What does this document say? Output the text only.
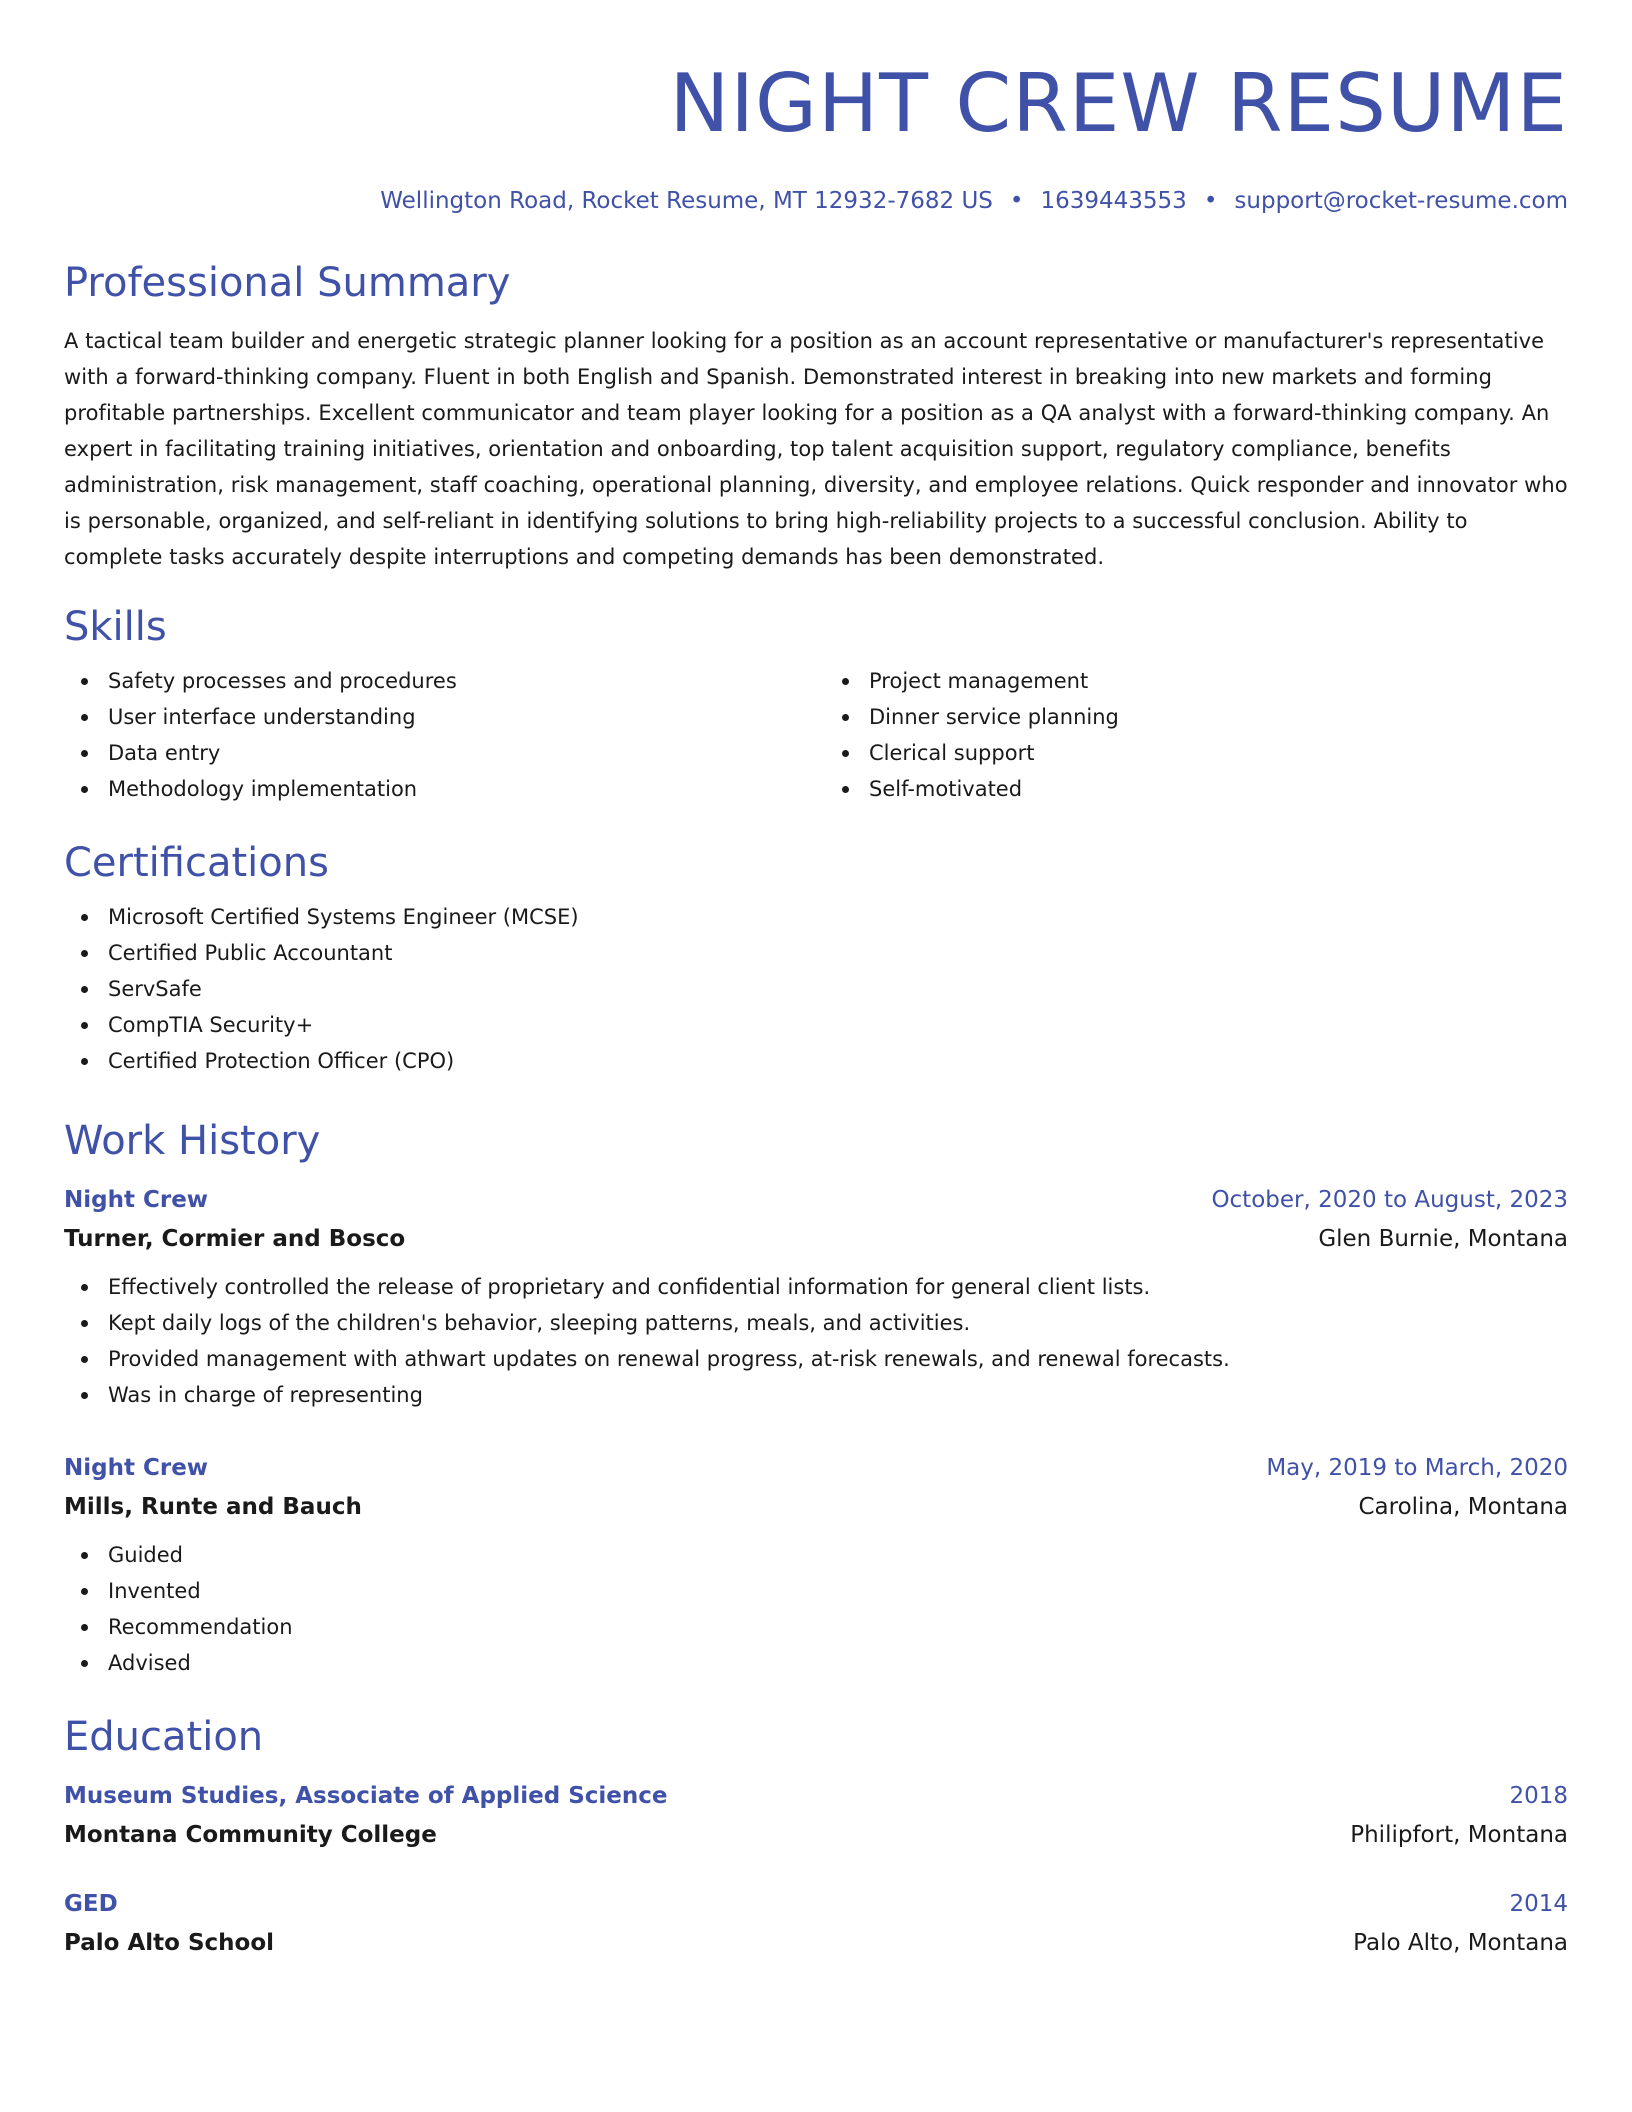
NIGHT CREW RESUME
Wellington Road, Rocket Resume, MT 12932-7682 US • 1639443553 • support@rocket-resume.com
Professional Summary

A tactical team builder and energetic strategic planner looking for a position as an account representative or manufacturer's representative with a forward-thinking company. Fluent in both English and Spanish. Demonstrated interest in breaking into new markets and forming profitable partnerships. Excellent communicator and team player looking for a position as a QA analyst with a forward-thinking company. An expert in facilitating training initiatives, orientation and onboarding, top talent acquisition support, regulatory compliance, benefits administration, risk management, staff coaching, operational planning, diversity, and employee relations. Quick responder and innovator who is personable, organized, and self-reliant in identifying solutions to bring high-reliability projects to a successful conclusion. Ability to complete tasks accurately despite interruptions and competing demands has been demonstrated.

Skills
Safety processes and procedures
User interface understanding
Data entry
Methodology implementation
Project management
Dinner service planning
Clerical support
Self-motivated
Certifications
Microsoft Certified Systems Engineer (MCSE)
Certified Public Accountant
ServSafe
CompTIA Security+
Certified Protection Officer (CPO)
Work History
Night Crew	October, 2020 to August, 2023
Turner, Cormier and Bosco	Glen Burnie, Montana
Effectively controlled the release of proprietary and confidential information for general client lists.
Kept daily logs of the children's behavior, sleeping patterns, meals, and activities.
Provided management with athwart updates on renewal progress, at-risk renewals, and renewal forecasts.
Was in charge of representing
Night Crew	May, 2019 to March, 2020
Mills, Runte and Bauch	Carolina, Montana
Guided
Invented
Recommendation
Advised
Education
Museum Studies, Associate of Applied Science	2018
Montana Community College	Philipfort, Montana
GED	2014
Palo Alto School	Palo Alto, Montana
